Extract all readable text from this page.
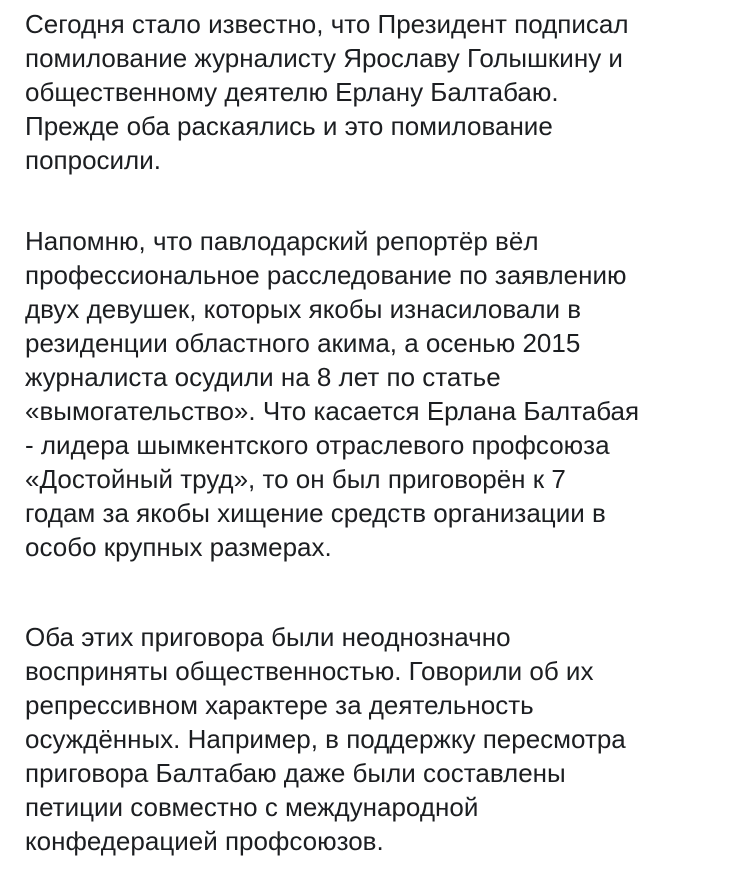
Сегодня стало известно, что Президент подписал
помилование журналисту Ярославу Голышкину и
общественному деятелю Ерлану Балтабаю.
Прежде оба раскаялись и это помилование
попросили.

Напомню, что павлодарский репортёр вёл
профессиональное расследование по заявлению
двух девушек, которых якобы изнасиловали в
резиденции областного акима, а осенью 2015
журналиста осудили на 8 лет по статье
«вымогательство». Что касается Ерлана Балтабая
- лидера шымкентского отраслевого профсоюза
«Достойный труд», то он был приговорён к 7
годам за якобы хищение средств организации в
особо крупных размерах.

Оба этих приговора были неоднозначно
восприняты общественностью. Говорили об их
репрессивном характере за деятельность
осуждённых. Например, в поддержку пересмотра
приговора Балтабаю даже были составлены
петиции совместно с международной
конфедерацией профсоюзов.
